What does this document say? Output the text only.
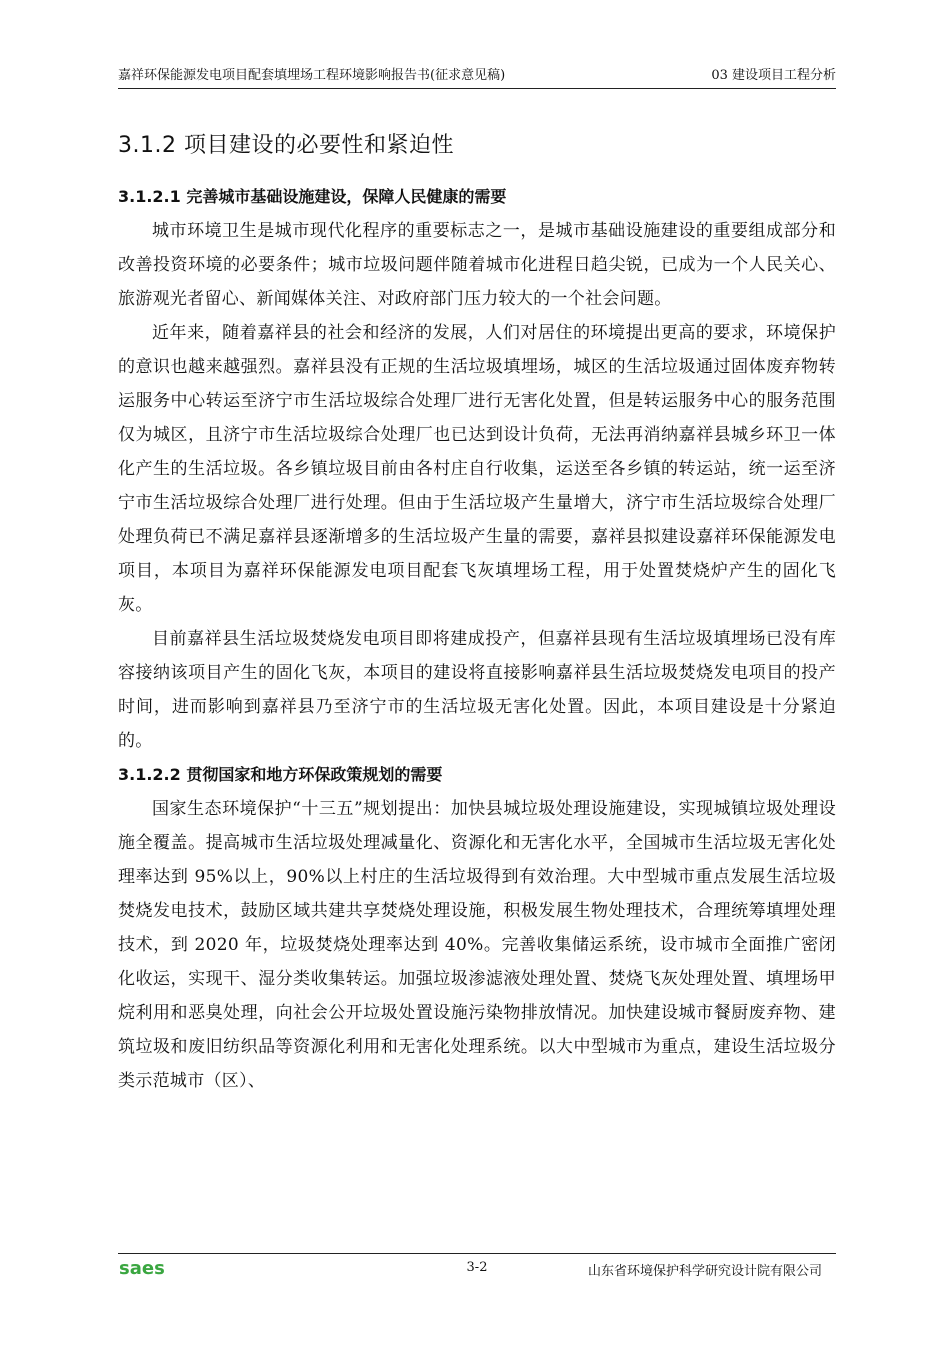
嘉祥环保能源发电项目配套填埋场工程环境影响报告书(征求意见稿)	03 建设项目工程分析
3.1.2 项目建设的必要性和紧迫性
3.1.2.1 完善城市基础设施建设，保障人民健康的需要

城市环境卫生是城市现代化程序的重要标志之一，是城市基础设施建设的重要组成部分和改善投资环境的必要条件；城市垃圾问题伴随着城市化进程日趋尖锐，已成为一个人民关心、旅游观光者留心、新闻媒体关注、对政府部门压力较大的一个社会问题。

近年来，随着嘉祥县的社会和经济的发展，人们对居住的环境提出更高的要求，环境保护的意识也越来越强烈。嘉祥县没有正规的生活垃圾填埋场，城区的生活垃圾通过固体废弃物转运服务中心转运至济宁市生活垃圾综合处理厂进行无害化处置，但是转运服务中心的服务范围仅为城区，且济宁市生活垃圾综合处理厂也已达到设计负荷，无法再消纳嘉祥县城乡环卫一体化产生的生活垃圾。各乡镇垃圾目前由各村庄自行收集，运送至各乡镇的转运站，统一运至济宁市生活垃圾综合处理厂进行处理。但由于生活垃圾产生量增大，济宁市生活垃圾综合处理厂处理负荷已不满足嘉祥县逐渐增多的生活垃圾产生量的需要，嘉祥县拟建设嘉祥环保能源发电项目，本项目为嘉祥环保能源发电项目配套飞灰填埋场工程，用于处置焚烧炉产生的固化飞灰。

目前嘉祥县生活垃圾焚烧发电项目即将建成投产，但嘉祥县现有生活垃圾填埋场已没有库容接纳该项目产生的固化飞灰，本项目的建设将直接影响嘉祥县生活垃圾焚烧发电项目的投产时间，进而影响到嘉祥县乃至济宁市的生活垃圾无害化处置。因此，本项目建设是十分紧迫的。

3.1.2.2 贯彻国家和地方环保政策规划的需要

国家生态环境保护“十三五”规划提出：加快县城垃圾处理设施建设，实现城镇垃圾处理设施全覆盖。提高城市生活垃圾处理减量化、资源化和无害化水平，全国城市生活垃圾无害化处理率达到 95%以上，90%以上村庄的生活垃圾得到有效治理。大中型城市重点发展生活垃圾焚烧发电技术，鼓励区域共建共享焚烧处理设施，积极发展生物处理技术，合理统筹填埋处理技术，到 2020 年，垃圾焚烧处理率达到 40%。完善收集储运系统，设市城市全面推广密闭化收运，实现干、湿分类收集转运。加强垃圾渗滤液处理处置、焚烧飞灰处理处置、填埋场甲烷利用和恶臭处理，向社会公开垃圾处置设施污染物排放情况。加快建设城市餐厨废弃物、建筑垃圾和废旧纺织品等资源化利用和无害化处理系统。以大中型城市为重点，建设生活垃圾分类示范城市（区）、

saes	3-2	山东省环境保护科学研究设计院有限公司
